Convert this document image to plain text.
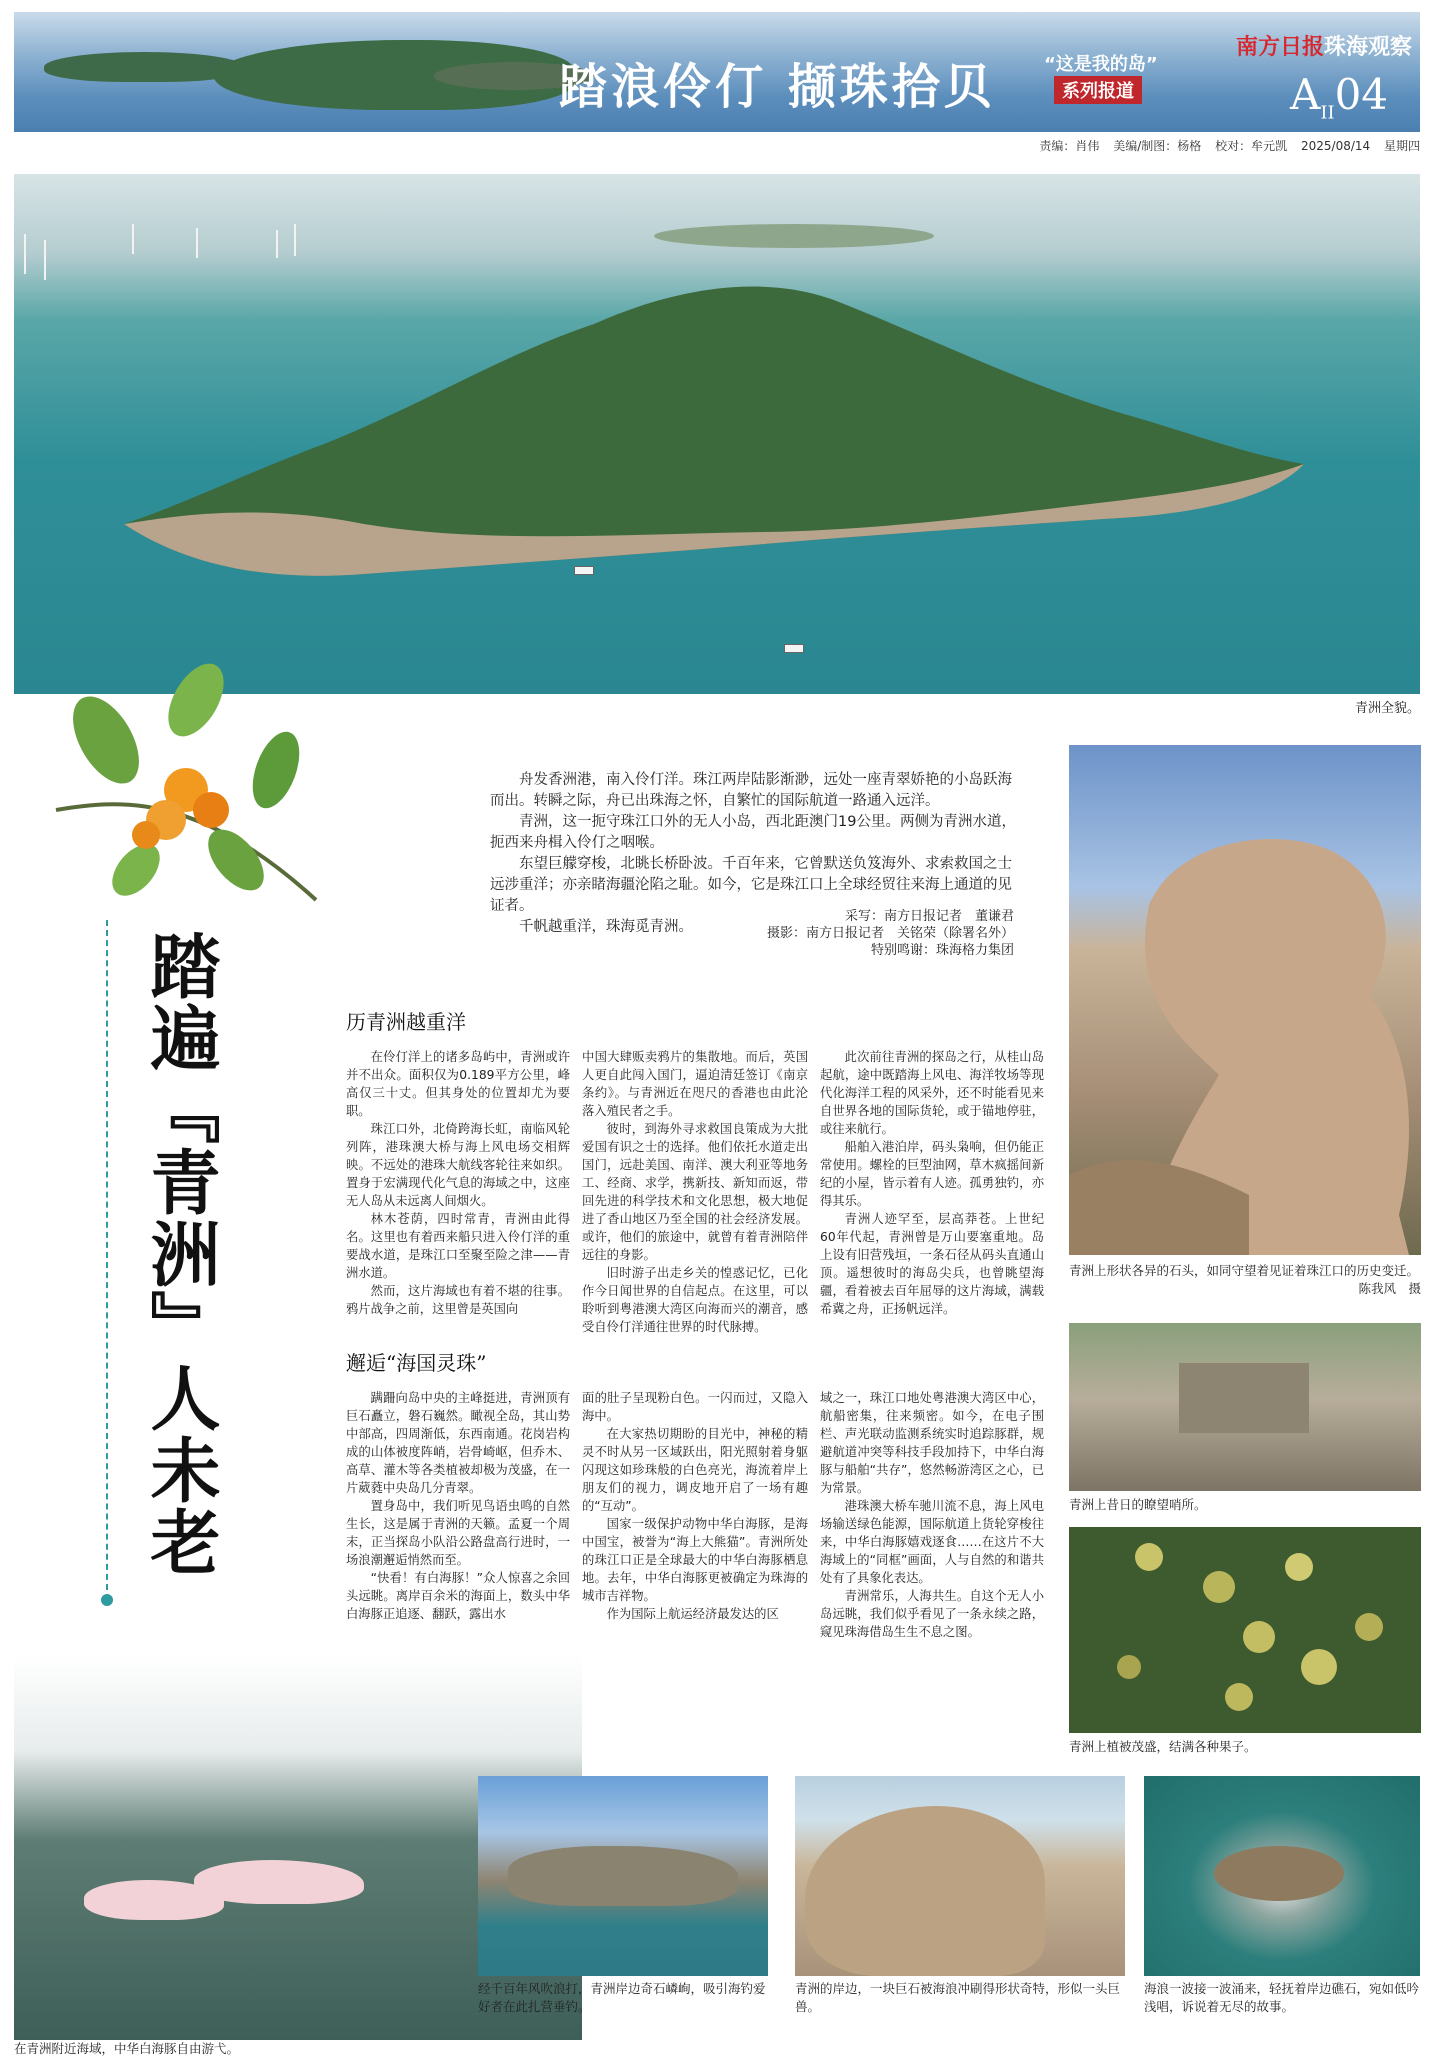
踏浪伶仃 撷珠拾贝	“这是我的岛”
系列报道
南方日报珠海观察
$A_{II}04$
责编：肖伟 美编/制图：杨格 校对：牟元凯 2025/08/14 星期四
青洲全貌。
踏遍『青洲』人未老

舟发香洲港，南入伶仃洋。珠江两岸陆影渐渺，远处一座青翠娇艳的小岛跃海而出。转瞬之际，舟已出珠海之怀，自繁忙的国际航道一路通入远洋。

青洲，这一扼守珠江口外的无人小岛，西北距澳门19公里。两侧为青洲水道，扼西来舟楫入伶仃之咽喉。

东望巨艨穿梭，北眺长桥卧波。千百年来，它曾默送负笈海外、求索救国之士远涉重洋；亦亲睹海疆沦陷之耻。如今，它是珠江口上全球经贸往来海上通道的见证者。

千帆越重洋，珠海觅青洲。

采写：南方日报记者　董谦君
摄影：南方日报记者　关铭荣（除署名外）
特别鸣谢：珠海格力集团
历青洲越重洋

在伶仃洋上的诸多岛屿中，青洲或许并不出众。面积仅为0.189平方公里，峰高仅三十丈。但其身处的位置却尤为要职。

珠江口外，北倚跨海长虹，南临风轮列阵，港珠澳大桥与海上风电场交相辉映。不远处的港珠大航线客轮往来如织。置身于宏满现代化气息的海域之中，这座无人岛从未远离人间烟火。

林木苍荫，四时常青，青洲由此得名。这里也有着西来船只进入伶仃洋的重要战水道，是珠江口至聚至险之津——青洲水道。

然而，这片海域也有着不堪的往事。鸦片战争之前，这里曾是英国向

中国大肆贩卖鸦片的集散地。而后，英国人更自此闯入国门，逼迫清廷签订《南京条约》。与青洲近在咫尺的香港也由此沦落入殖民者之手。

彼时，到海外寻求救国良策成为大批爱国有识之士的选择。他们依托水道走出国门，远赴美国、南洋、澳大利亚等地务工、经商、求学，携新技、新知而返，带回先进的科学技术和文化思想，极大地促进了香山地区乃至全国的社会经济发展。或许，他们的旅途中，就曾有着青洲陪伴远往的身影。

旧时游子出走乡关的惶惑记忆，已化作今日闻世界的自信起点。在这里，可以聆听到粤港澳大湾区向海而兴的潮音，感受自伶仃洋通往世界的时代脉搏。

此次前往青洲的探岛之行，从桂山岛起航，途中既踏海上风电、海洋牧场等现代化海洋工程的风采外，还不时能看见来自世界各地的国际货轮，或于锚地停驻，或往来航行。

船舶入港泊岸，码头枭响，但仍能正常使用。螺栓的巨型油网，草木疯摇间新纪的小屋，皆示着有人迹。孤勇独钓，亦得其乐。

青洲人迹罕至，层高莽苍。上世纪60年代起，青洲曾是万山要塞重地。岛上设有旧营残垣，一条石径从码头直通山顶。遥想彼时的海岛尖兵，也曾眺望海疆，看着被去百年屈辱的这片海域，满载希冀之舟，正扬帆远洋。

邂逅“海国灵珠”

蹒跚向岛中央的主峰挺进，青洲顶有巨石矗立，磐石巍然。瞰视全岛，其山势中部高，四周渐低，东西南通。花岗岩构成的山体被度阵峭，岩骨崎岖，但乔木、高草、灌木等各类植被却极为茂盛，在一片葳蕤中央岛几分青翠。

置身岛中，我们听见鸟语虫鸣的自然生长，这是属于青洲的天籁。孟夏一个周末，正当探岛小队沿公路盘高行进时，一场浪潮邂逅悄然而至。

“快看！有白海豚！”众人惊喜之余回头远眺。离岸百余米的海面上，数头中华白海豚正追逐、翻跃，露出水

面的肚子呈现粉白色。一闪而过，又隐入海中。

在大家热切期盼的目光中，神秘的精灵不时从另一区域跃出，阳光照射着身躯闪现这如珍珠般的白色亮光，海流着岸上朋友们的视力，调皮地开启了一场有趣的“互动”。

国家一级保护动物中华白海豚，是海中国宝，被誉为“海上大熊猫”。青洲所处的珠江口正是全球最大的中华白海豚栖息地。去年，中华白海豚更被确定为珠海的城市吉祥物。

作为国际上航运经济最发达的区

域之一，珠江口地处粤港澳大湾区中心，航船密集，往来频密。如今，在电子围栏、声光联动监测系统实时追踪豚群，规避航道冲突等科技手段加持下，中华白海豚与船舶“共存”，悠然畅游湾区之心，已为常景。

港珠澳大桥车驰川流不息，海上风电场输送绿色能源，国际航道上货轮穿梭往来，中华白海豚嬉戏逐食……在这片不大海域上的“同框”画面，人与自然的和谐共处有了具象化表达。

青洲常乐，人海共生。自这个无人小岛远眺，我们似乎看见了一条永续之路，窥见珠海借岛生生不息之图。

青洲上形状各异的石头，如同守望着见证着珠江口的历史变迁。
陈我风　摄
青洲上昔日的瞭望哨所。
青洲上植被茂盛，结满各种果子。
在青洲附近海域，中华白海豚自由游弋。
经千百年风吹浪打，青洲岸边奇石嶙峋，吸引海钓爱好者在此扎营垂钓。
青洲的岸边，一块巨石被海浪冲刷得形状奇特，形似一头巨兽。
海浪一波接一波涌来，轻抚着岸边礁石，宛如低吟浅唱，诉说着无尽的故事。
